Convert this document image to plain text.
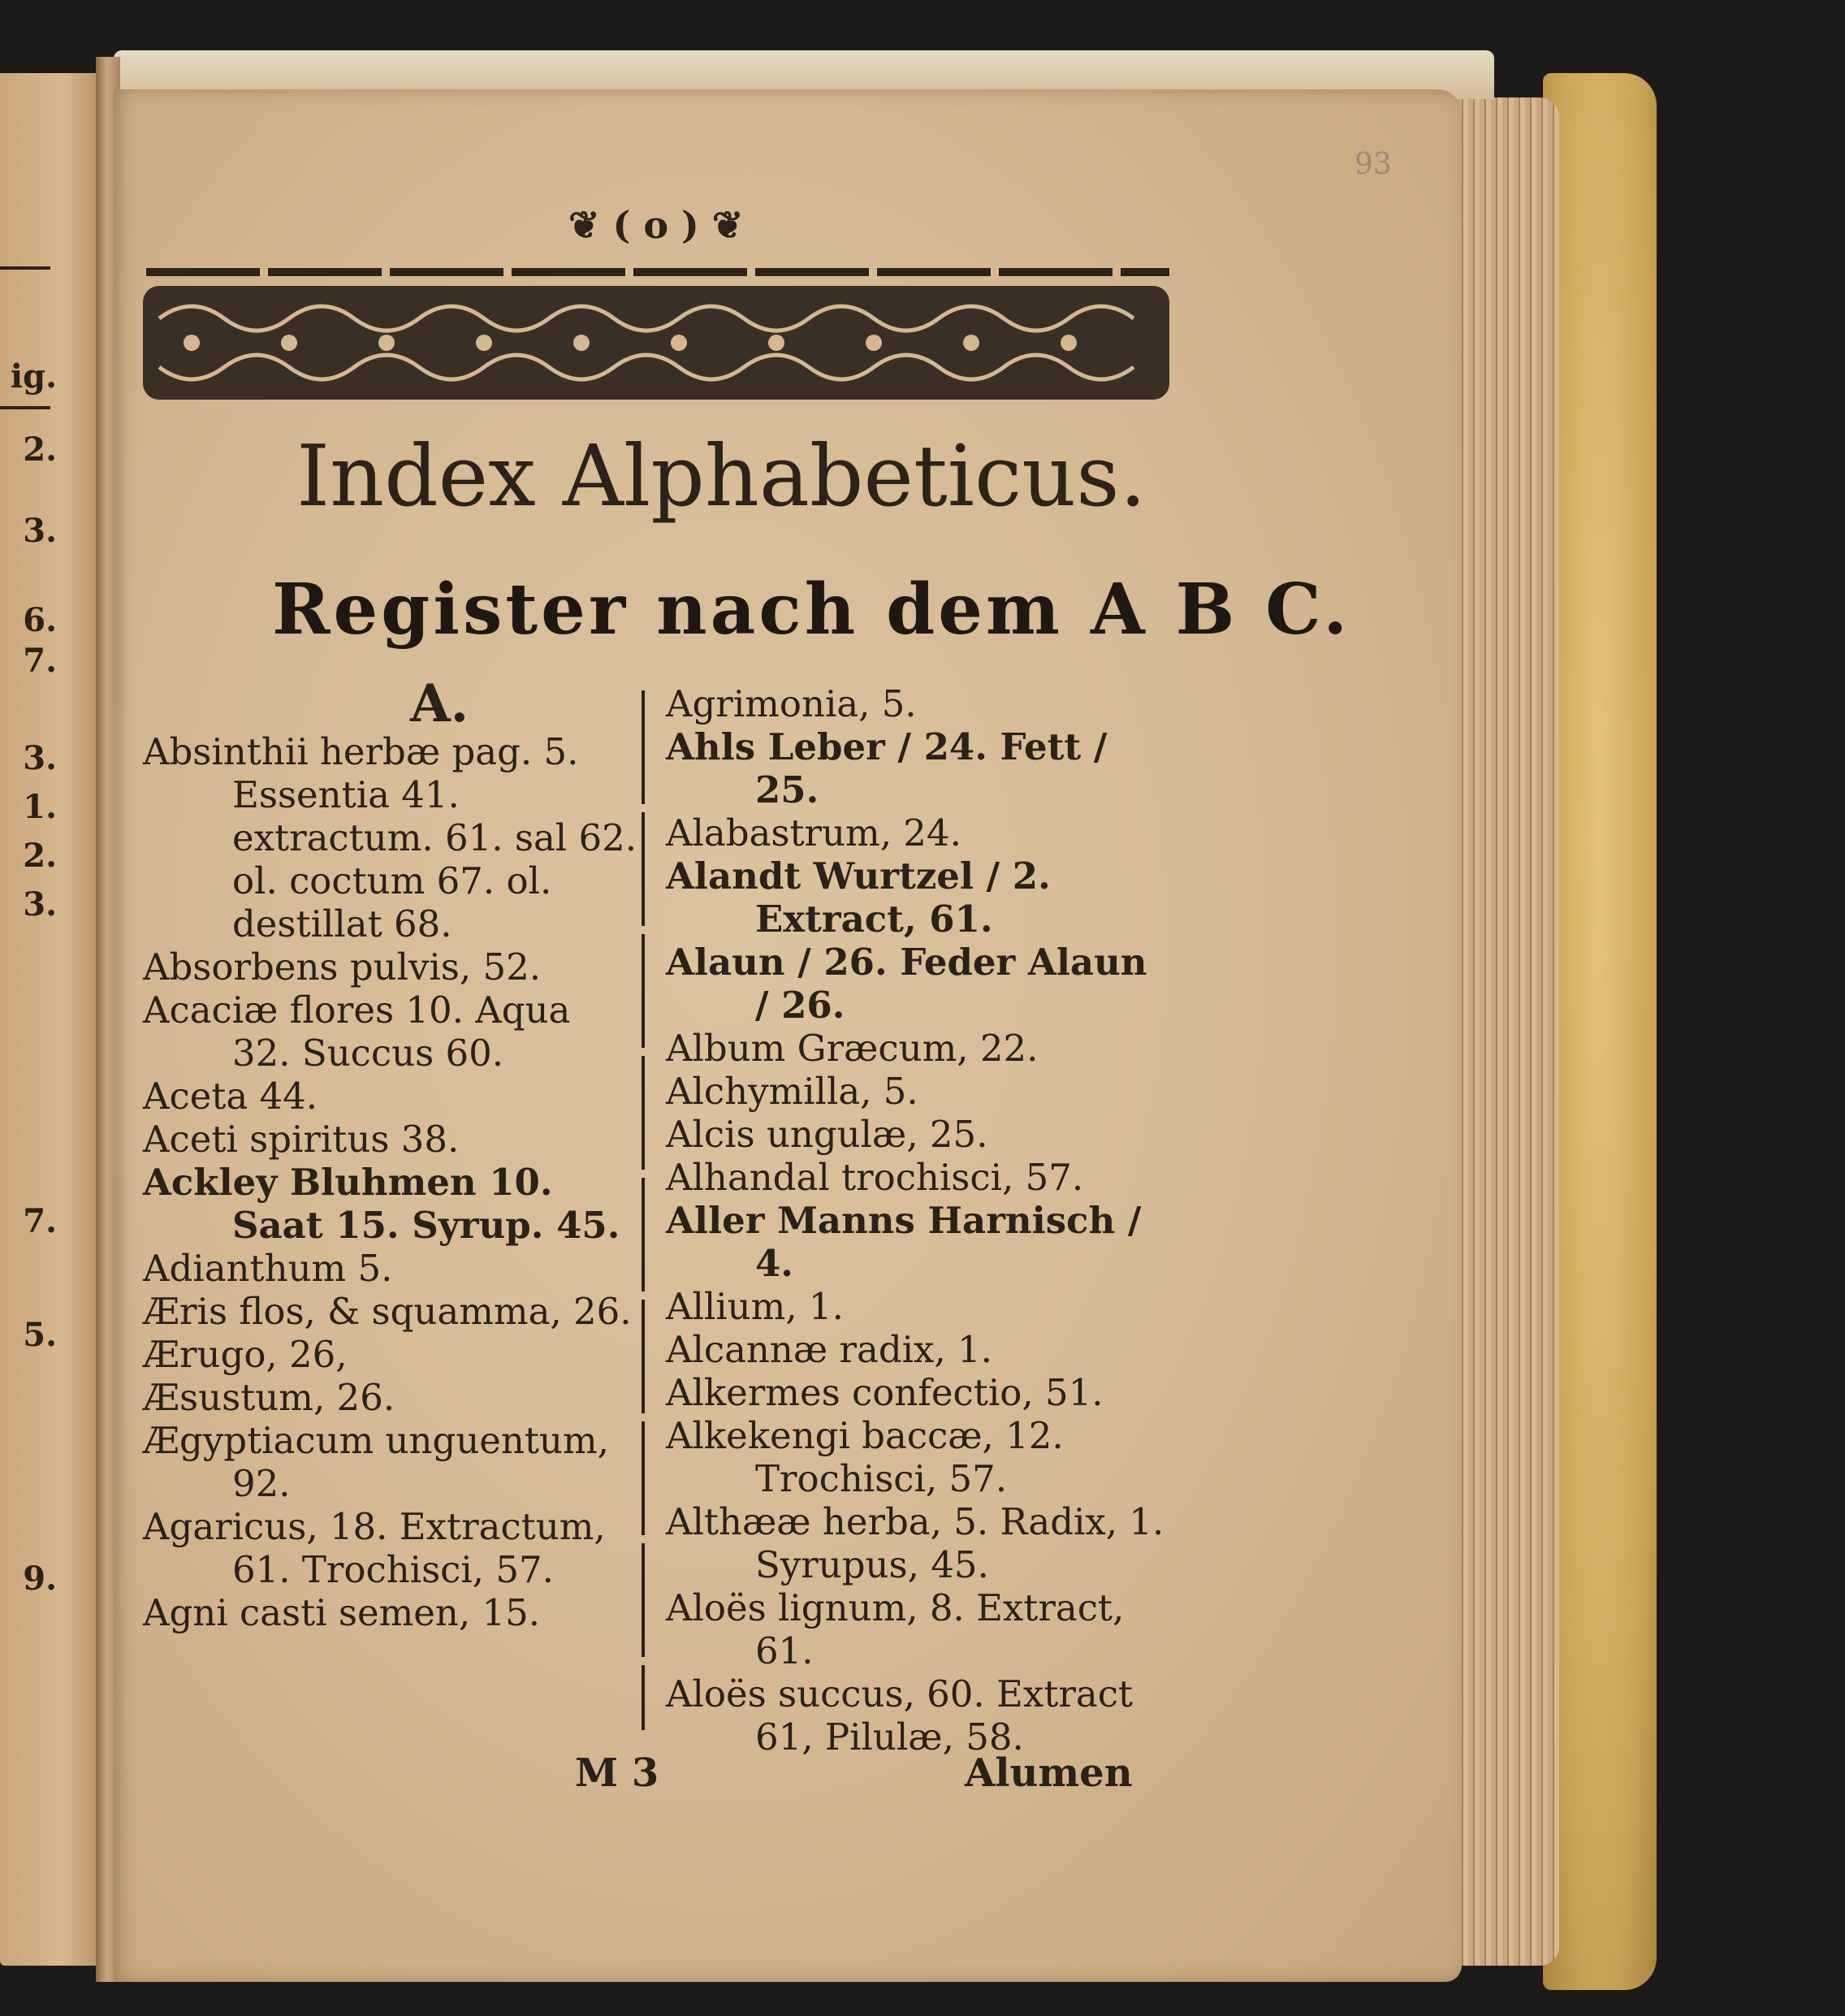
ig.
2.
3.
6.
7.
3.
1.
2.
3.
7.
5.
9.
93
❦ ( o ) ❦
Index Alphabeticus.
Register nach dem A B C.
A.

Absinthii herbæ pag. 5. Essentia 41. extractum. 61. sal 62. ol. coctum 67. ol. destillat 68.

Absorbens pulvis, 52.

Acaciæ flores 10. Aqua 32. Succus 60.

Aceta 44.

Aceti spiritus 38.

Ackley Bluhmen 10. Saat 15. Syrup. 45.

Adianthum 5.

Æris flos, & squamma, 26.

Ærugo, 26,

Æsustum, 26.

Ægyptiacum unguentum, 92.

Agaricus, 18. Extractum, 61. Trochisci, 57.

Agni casti semen, 15.

Agrimonia, 5.

Ahls Leber / 24. Fett / 25.

Alabastrum, 24.

Alandt Wurtzel / 2. Extract, 61.

Alaun / 26. Feder Alaun / 26.

Album Græcum, 22.

Alchymilla, 5.

Alcis ungulæ, 25.

Alhandal trochisci, 57.

Aller Manns Harnisch / 4.

Allium, 1.

Alcannæ radix, 1.

Alkermes confectio, 51.

Alkekengi baccæ, 12. Trochisci, 57.

Althææ herba, 5. Radix, 1. Syrupus, 45.

Aloës lignum, 8. Extract, 61.

Aloës succus, 60. Extract 61, Pilulæ, 58.

M 3	Alumen
